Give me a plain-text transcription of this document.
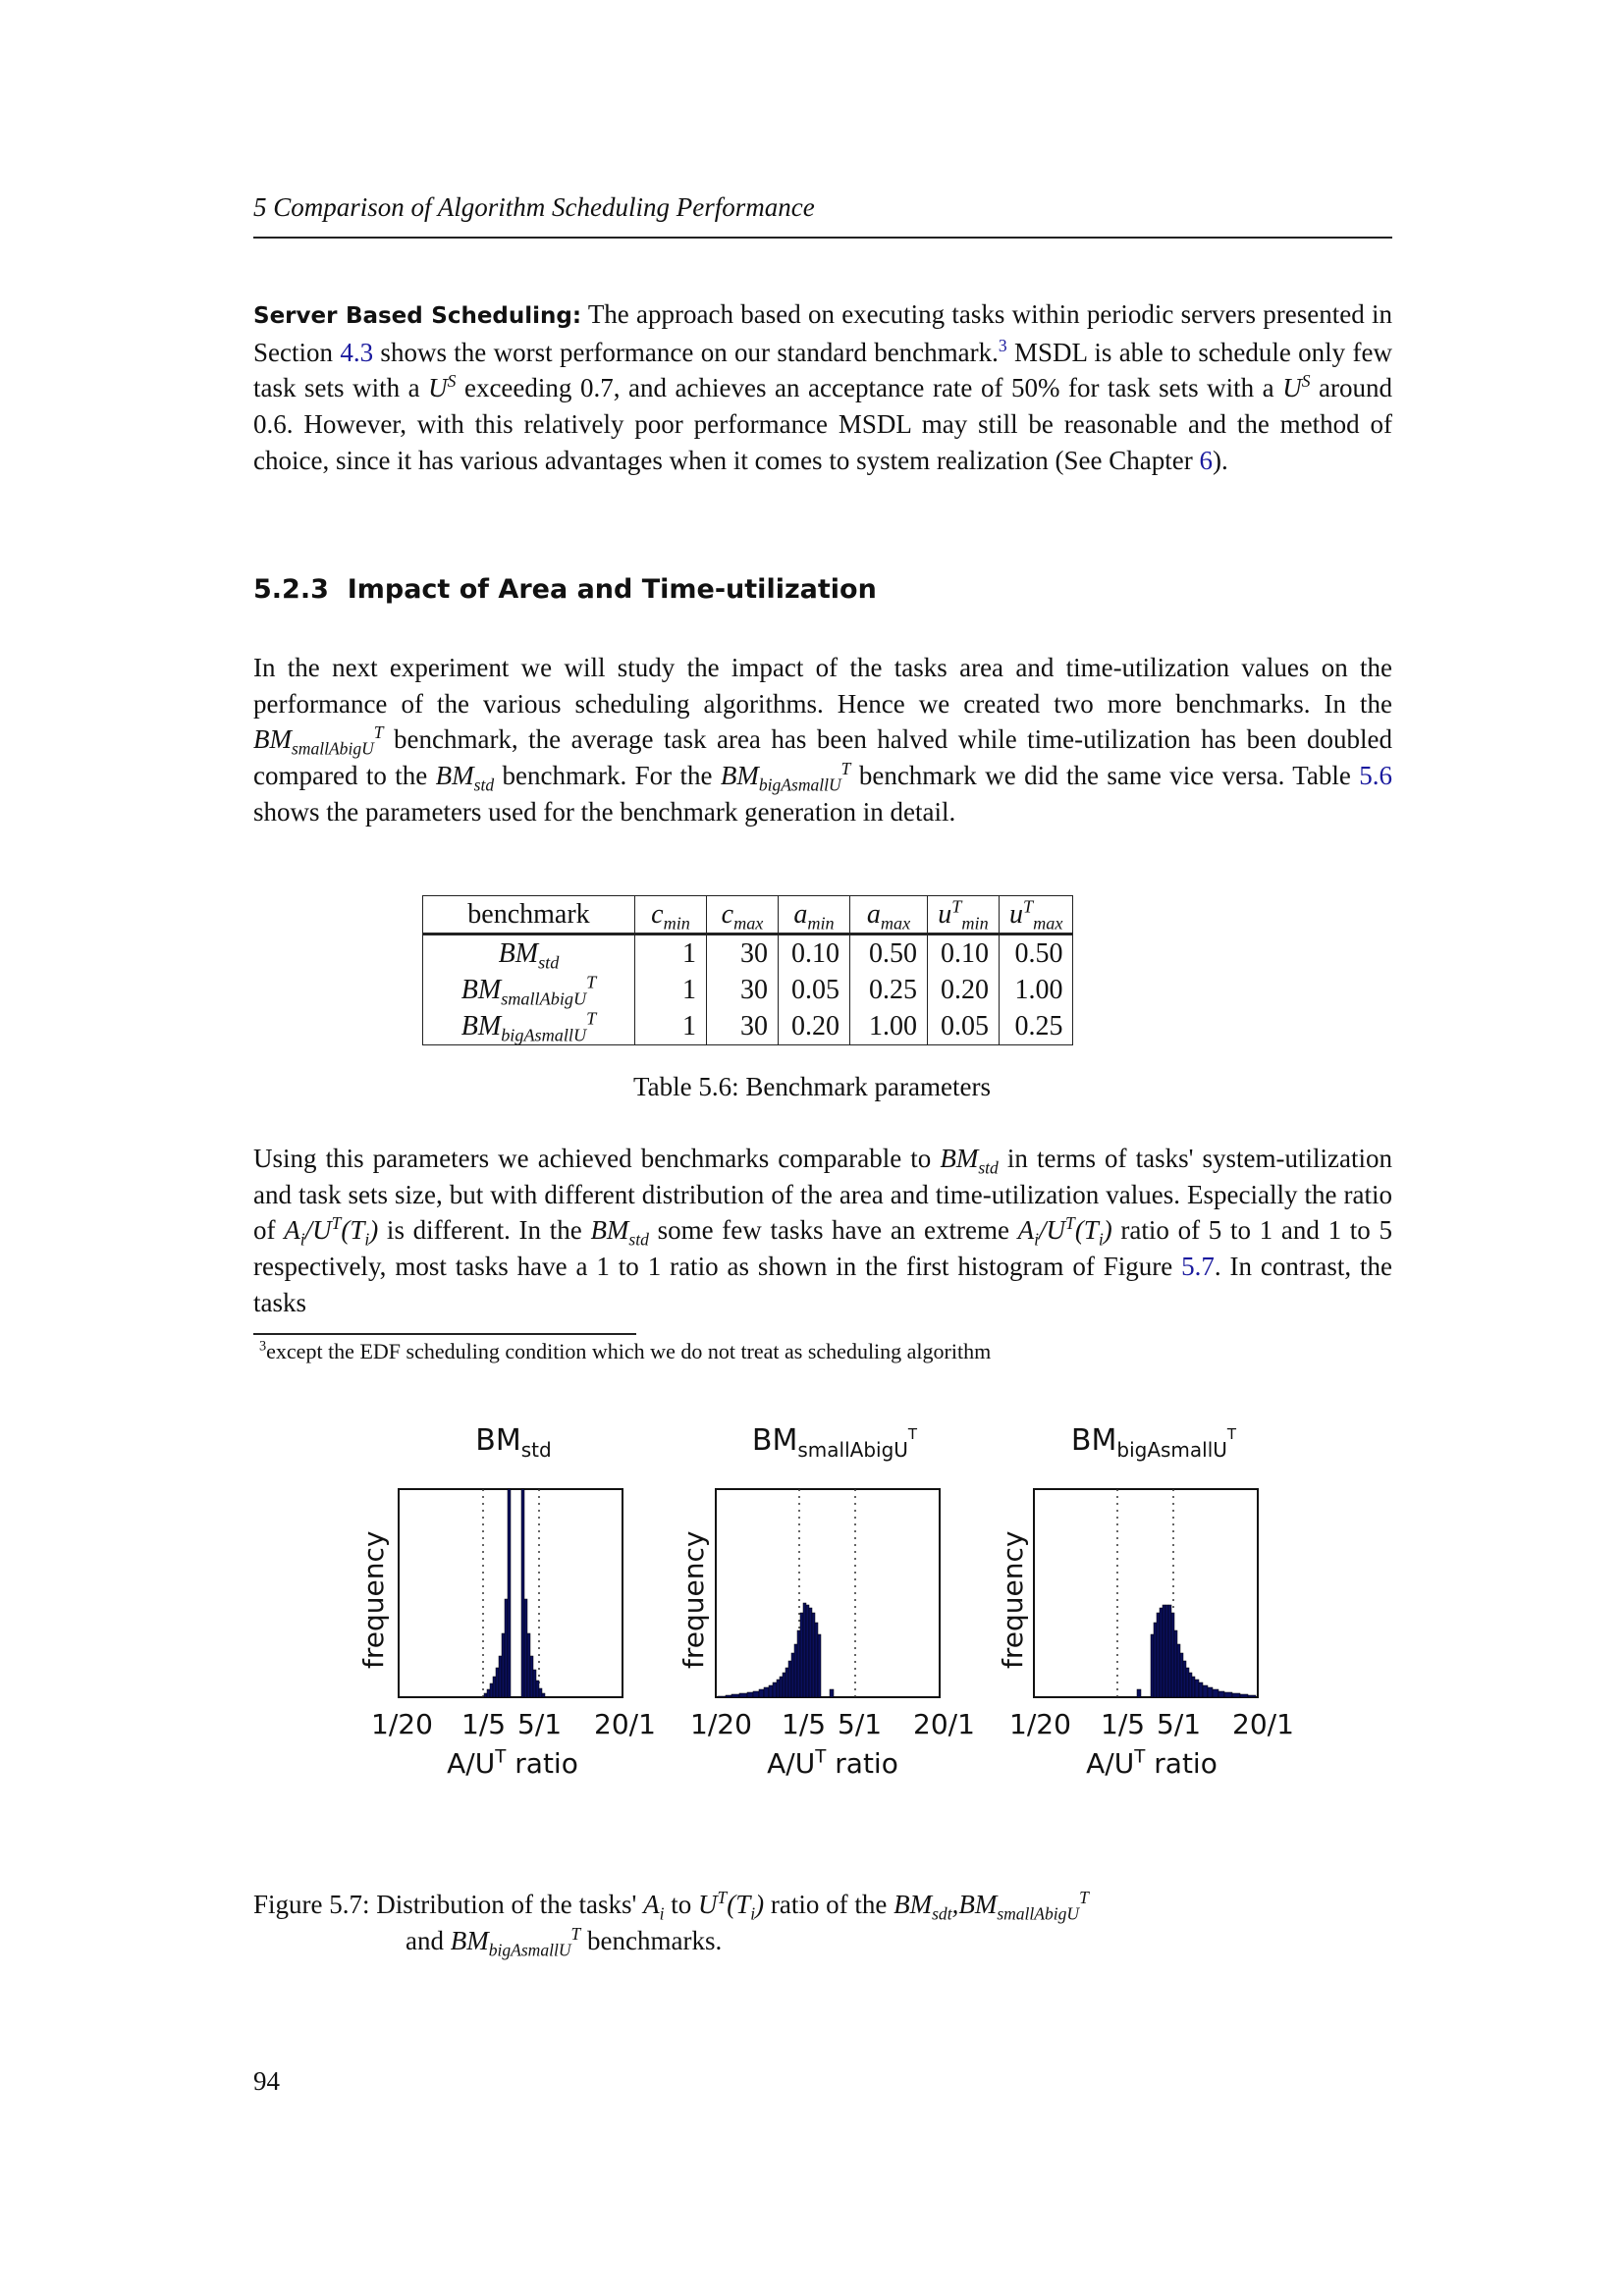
5 Comparison of Algorithm Scheduling Performance

Server Based Scheduling: The approach based on executing tasks within periodic servers presented in Section 4.3 shows the worst performance on our standard benchmark.$^3$ MSDL is able to schedule only few task sets with a $U^S$ exceeding 0.7, and achieves an acceptance rate of 50% for task sets with a $U^S$ around 0.6. However, with this relatively poor performance MSDL may still be reasonable and the method of choice, since it has various advantages when it comes to system realization (See Chapter 6).

5.2.3 Impact of Area and Time-utilization

In the next experiment we will study the impact of the tasks area and time-utilization values on the performance of the various scheduling algorithms. Hence we created two more benchmarks. In the $BM_{smallAbigU}^T$ benchmark, the average task area has been halved while time-utilization has been doubled compared to the $BM_{std}$ benchmark. For the $BM_{bigAsmallU}^T$ benchmark we did the same vice versa. Table 5.6 shows the parameters used for the benchmark generation in detail.

benchmark	$c_{min}$	$c_{max}$	$a_{min}$	$a_{max}$	$u^T_{min}$	$u^T_{max}$
$BM_{std}$	1	30	0.10	0.50	0.10	0.50
$BM_{smallAbigU}^T$	1	30	0.05	0.25	0.20	1.00
$BM_{bigAsmallU}^T$	1	30	0.20	1.00	0.05	0.25
Table 5.6: Benchmark parameters

Using this parameters we achieved benchmarks comparable to $BM_{std}$ in terms of tasks' system-utilization and task sets size, but with different distribution of the area and time-utilization values. Especially the ratio of $A_i/U^T(T_i)$ is different. In the $BM_{std}$ some few tasks have an extreme $A_i/U^T(T_i)$ ratio of 5 to 1 and 1 to 5 respectively, most tasks have a 1 to 1 ratio as shown in the first histogram of Figure 5.7. In contrast, the tasks

$^3$except the EDF scheduling condition which we do not treat as scheduling algorithm
$BM_{std}$
frequency
1/20 1/5 5/1 20/1
$A/U^T$ ratio
$BM_{smallAbigU}^T$
frequency
1/20 1/5 5/1 20/1
$A/U^T$ ratio
$BM_{bigAsmallU}^T$
frequency
1/20 1/5 5/1 20/1
$A/U^T$ ratio
Figure 5.7: Distribution of the tasks' $A_i$ to $U^T(T_i)$ ratio of the $BM_{sdt},BM_{smallAbigU}^T$
and $BM_{bigAsmallU}^T$ benchmarks.
94
